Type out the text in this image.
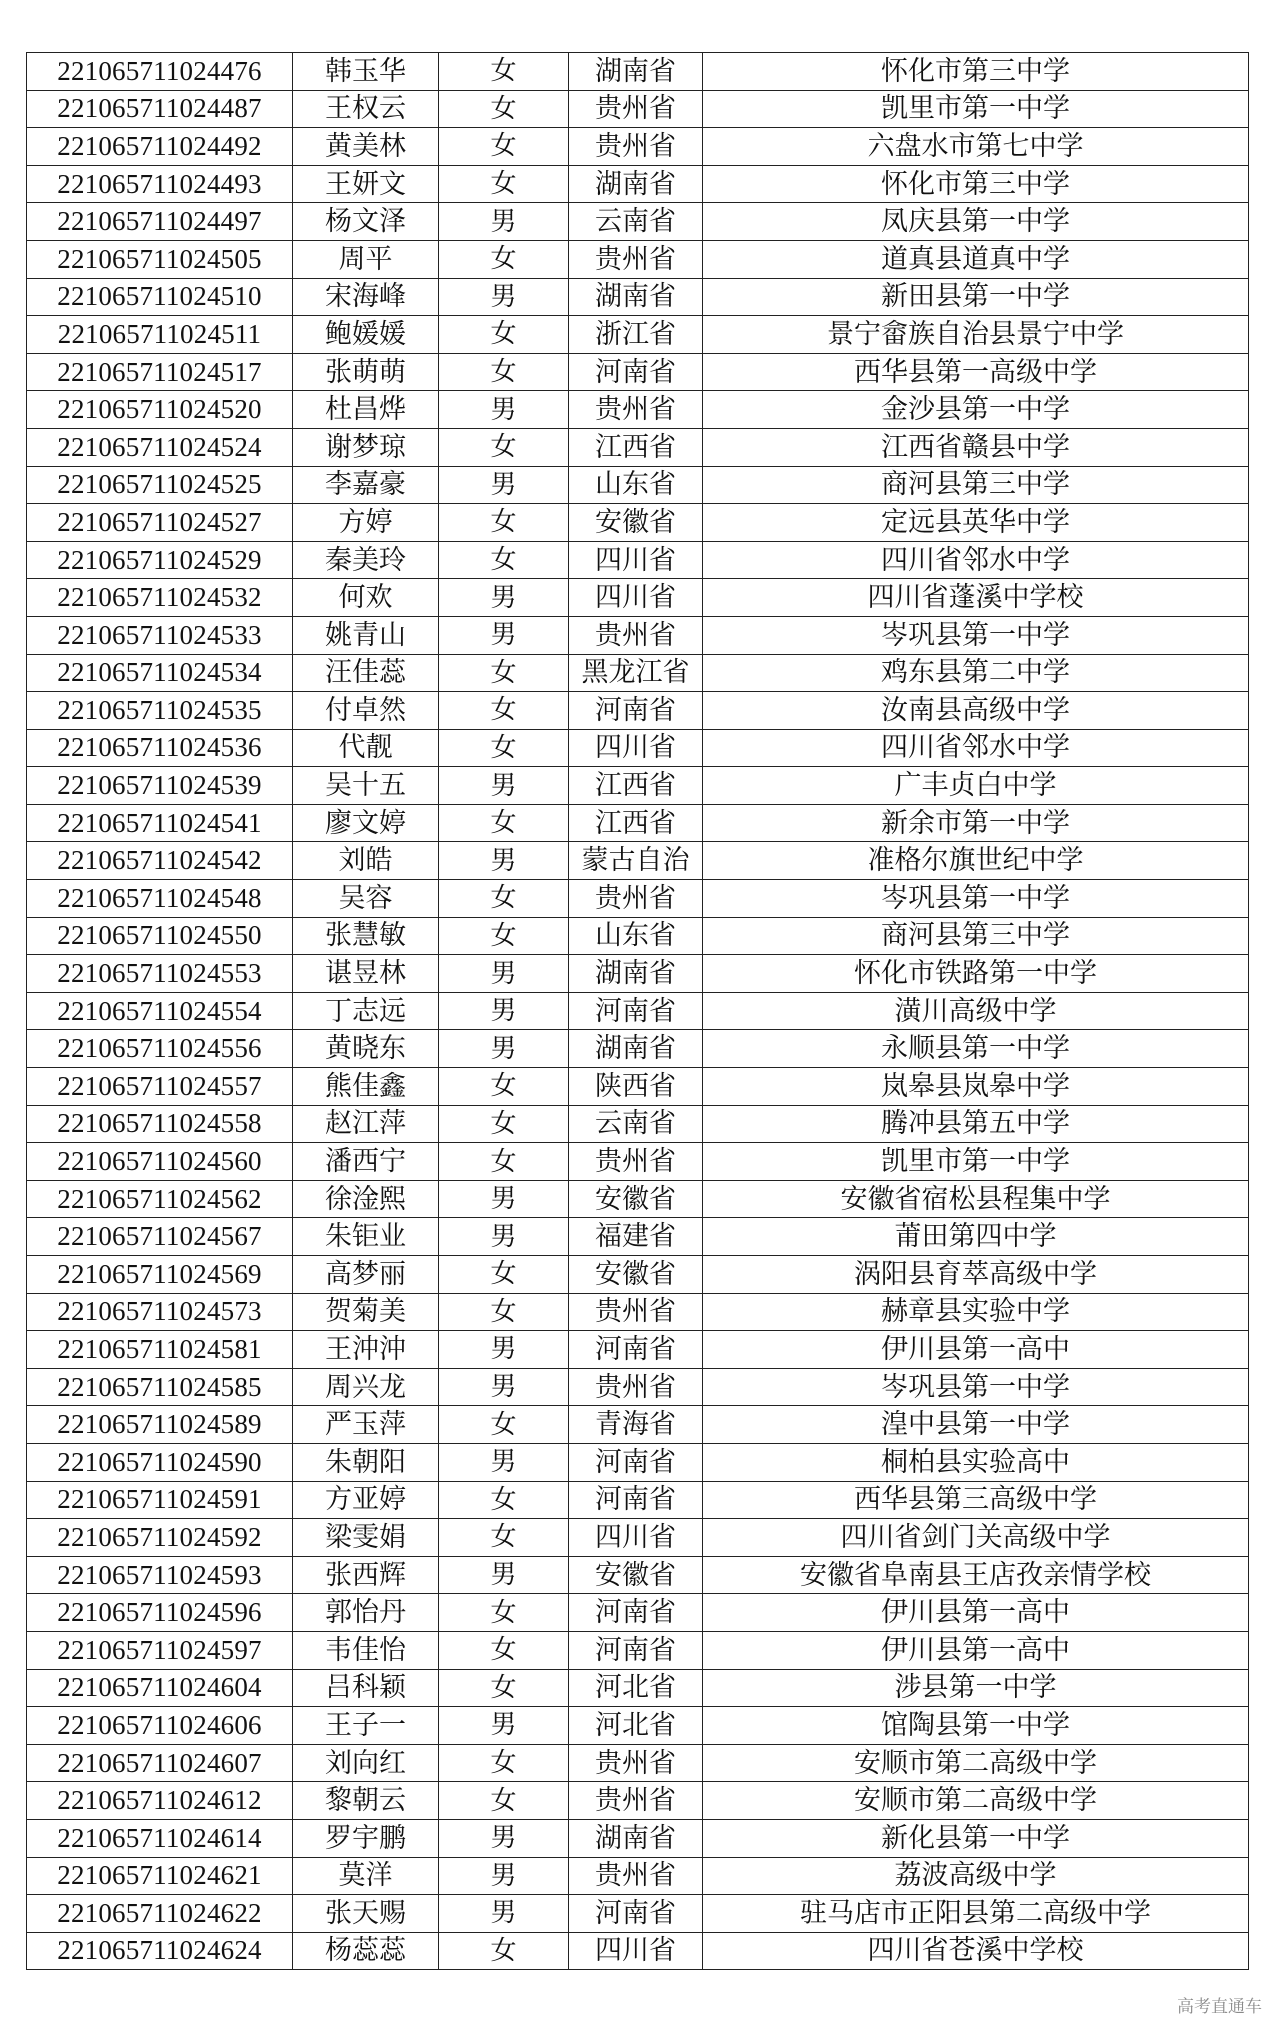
221065711024476	韩玉华	女	湖南省	怀化市第三中学
221065711024487	王权云	女	贵州省	凯里市第一中学
221065711024492	黄美林	女	贵州省	六盘水市第七中学
221065711024493	王妍文	女	湖南省	怀化市第三中学
221065711024497	杨文泽	男	云南省	凤庆县第一中学
221065711024505	周平	女	贵州省	道真县道真中学
221065711024510	宋海峰	男	湖南省	新田县第一中学
221065711024511	鲍媛媛	女	浙江省	景宁畲族自治县景宁中学
221065711024517	张萌萌	女	河南省	西华县第一高级中学
221065711024520	杜昌烨	男	贵州省	金沙县第一中学
221065711024524	谢梦琼	女	江西省	江西省赣县中学
221065711024525	李嘉豪	男	山东省	商河县第三中学
221065711024527	方婷	女	安徽省	定远县英华中学
221065711024529	秦美玲	女	四川省	四川省邻水中学
221065711024532	何欢	男	四川省	四川省蓬溪中学校
221065711024533	姚青山	男	贵州省	岑巩县第一中学
221065711024534	汪佳蕊	女	黑龙江省	鸡东县第二中学
221065711024535	付卓然	女	河南省	汝南县高级中学
221065711024536	代靓	女	四川省	四川省邻水中学
221065711024539	吴十五	男	江西省	广丰贞白中学
221065711024541	廖文婷	女	江西省	新余市第一中学
221065711024542	刘皓	男	蒙古自治	准格尔旗世纪中学
221065711024548	吴容	女	贵州省	岑巩县第一中学
221065711024550	张慧敏	女	山东省	商河县第三中学
221065711024553	谌昱林	男	湖南省	怀化市铁路第一中学
221065711024554	丁志远	男	河南省	潢川高级中学
221065711024556	黄晓东	男	湖南省	永顺县第一中学
221065711024557	熊佳鑫	女	陕西省	岚皋县岚皋中学
221065711024558	赵江萍	女	云南省	腾冲县第五中学
221065711024560	潘西宁	女	贵州省	凯里市第一中学
221065711024562	徐淦熙	男	安徽省	安徽省宿松县程集中学
221065711024567	朱钜业	男	福建省	莆田第四中学
221065711024569	高梦丽	女	安徽省	涡阳县育萃高级中学
221065711024573	贺菊美	女	贵州省	赫章县实验中学
221065711024581	王沖沖	男	河南省	伊川县第一高中
221065711024585	周兴龙	男	贵州省	岑巩县第一中学
221065711024589	严玉萍	女	青海省	湟中县第一中学
221065711024590	朱朝阳	男	河南省	桐柏县实验高中
221065711024591	方亚婷	女	河南省	西华县第三高级中学
221065711024592	梁雯娟	女	四川省	四川省剑门关高级中学
221065711024593	张西辉	男	安徽省	安徽省阜南县王店孜亲情学校
221065711024596	郭怡丹	女	河南省	伊川县第一高中
221065711024597	韦佳怡	女	河南省	伊川县第一高中
221065711024604	吕科颖	女	河北省	涉县第一中学
221065711024606	王子一	男	河北省	馆陶县第一中学
221065711024607	刘向红	女	贵州省	安顺市第二高级中学
221065711024612	黎朝云	女	贵州省	安顺市第二高级中学
221065711024614	罗宇鹏	男	湖南省	新化县第一中学
221065711024621	莫洋	男	贵州省	荔波高级中学
221065711024622	张天赐	男	河南省	驻马店市正阳县第二高级中学
221065711024624	杨蕊蕊	女	四川省	四川省苍溪中学校
高考直通车
